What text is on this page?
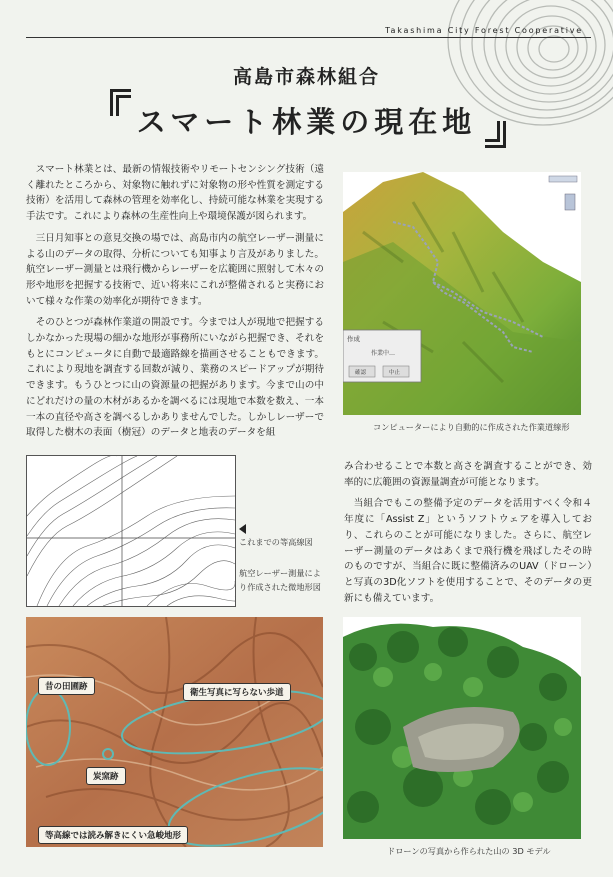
Takashima City Forest Cooperative
高島市森林組合
スマート林業の現在地

スマート林業とは、最新の情報技術やリモートセンシング技術（遠く離れたところから、対象物に触れずに対象物の形や性質を測定する技術）を活用して森林の管理を効率化し、持続可能な林業を実現する手法です。これにより森林の生産性向上や環境保護が図られます。

三日月知事との意見交換の場では、高島市内の航空レーザー測量による山のデータの取得、分析についても知事より言及がありました。航空レーザー測量とは飛行機からレーザーを広範囲に照射して木々の形や地形を把握する技術で、近い将来にこれが整備されると実務において様々な作業の効率化が期待できます。

そのひとつが森林作業道の開設です。今までは人が現地で把握するしかなかった現場の細かな地形が事務所にいながら把握でき、それをもとにコンピュータに自動で最適路線を描画させることもできます。これにより現地を調査する回数が減り、業務のスピードアップが期待できます。もうひとつに山の資源量の把握があります。今まで山の中にどれだけの量の木材があるかを調べるには現地で本数を数え、一本一本の直径や高さを調べるしかありませんでした。しかしレーザーで取得した樹木の表面（樹冠）のデータと地表のデータを組

作成
作業中…
確認	中止
コンピューターにより自動的に作成された作業道線形
これまでの等高線図
航空レーザー測量により作成された微地形図

み合わせることで本数と高さを調査することができ、効率的に広範囲の資源量調査が可能となります。

当組合でもこの整備予定のデータを活用すべく令和４年度に「Assist Z」というソフトウェアを導入しており、これらのことが可能になりました。さらに、航空レーザー測量のデータはあくまで飛行機を飛ばしたその時のものですが、当組合に既に整備済みのUAV（ドローン）と写真の3D化ソフトを使用することで、そのデータの更新にも備えています。

昔の田圃跡
衛生写真に写らない歩道
炭窯跡
等高線では読み解きにくい急峻地形
ドローンの写真から作られた山の 3D モデル
